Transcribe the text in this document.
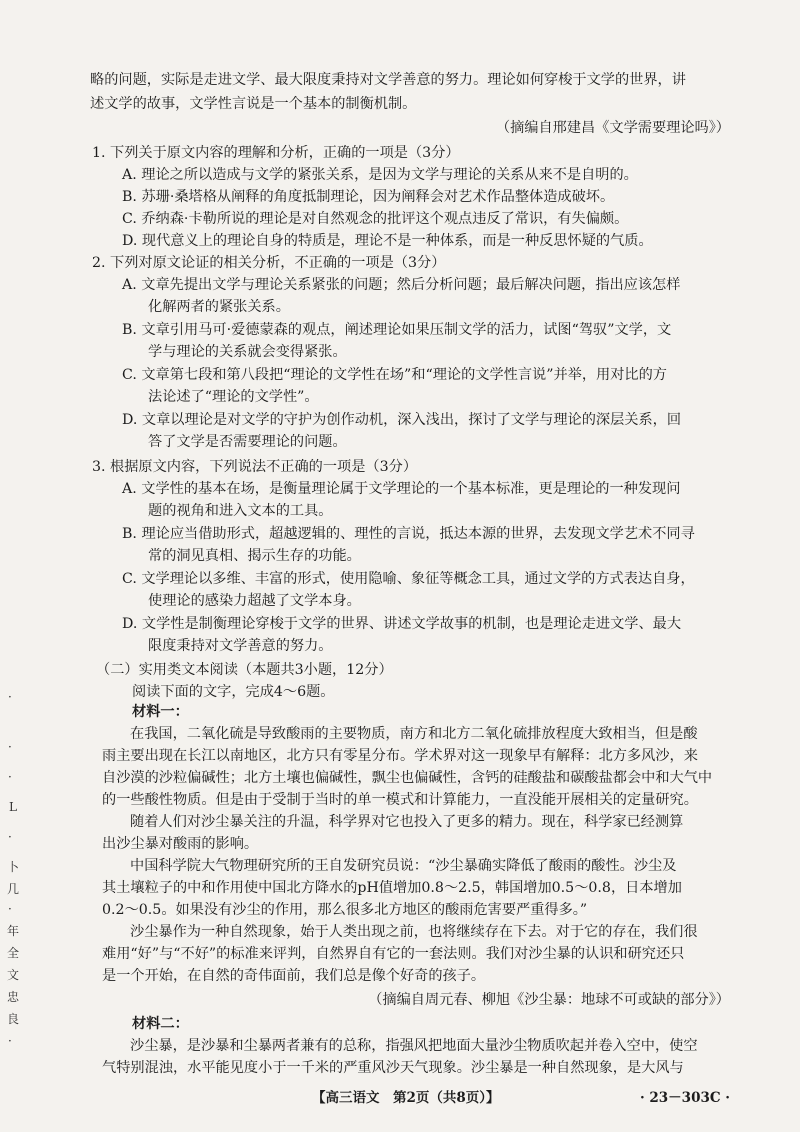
略的问题，实际是走进文学、最大限度秉持对文学善意的努力。理论如何穿梭于文学的世界，讲
述文学的故事，文学性言说是一个基本的制衡机制。
（摘编自邢建昌《文学需要理论吗》）
1. 下列关于原文内容的理解和分析，正确的一项是（3分）
A. 理论之所以造成与文学的紧张关系，是因为文学与理论的关系从来不是自明的。
B. 苏珊·桑塔格从阐释的角度抵制理论，因为阐释会对艺术作品整体造成破坏。
C. 乔纳森·卡勒所说的理论是对自然观念的批评这个观点违反了常识，有失偏颇。
D. 现代意义上的理论自身的特质是，理论不是一种体系，而是一种反思怀疑的气质。
2. 下列对原文论证的相关分析，不正确的一项是（3分）
A. 文章先提出文学与理论关系紧张的问题；然后分析问题；最后解决问题，指出应该怎样
化解两者的紧张关系。
B. 文章引用马可·爱德蒙森的观点，阐述理论如果压制文学的活力，试图“驾驭”文学，文
学与理论的关系就会变得紧张。
C. 文章第七段和第八段把“理论的文学性在场”和“理论的文学性言说”并举，用对比的方
法论述了“理论的文学性”。
D. 文章以理论是对文学的守护为创作动机，深入浅出，探讨了文学与理论的深层关系，回
答了文学是否需要理论的问题。
3. 根据原文内容，下列说法不正确的一项是（3分）
A. 文学性的基本在场，是衡量理论属于文学理论的一个基本标准，更是理论的一种发现问
题的视角和进入文本的工具。
B. 理论应当借助形式，超越逻辑的、理性的言说，抵达本源的世界，去发现文学艺术不同寻
常的洞见真相、揭示生存的功能。
C. 文学理论以多维、丰富的形式，使用隐喻、象征等概念工具，通过文学的方式表达自身，
使理论的感染力超越了文学本身。
D. 文学性是制衡理论穿梭于文学的世界、讲述文学故事的机制，也是理论走进文学、最大
限度秉持对文学善意的努力。
（二）实用类文本阅读（本题共3小题，12分）
阅读下面的文字，完成4～6题。
材料一：
在我国，二氧化硫是导致酸雨的主要物质，南方和北方二氧化硫排放程度大致相当，但是酸
雨主要出现在长江以南地区，北方只有零星分布。学术界对这一现象早有解释：北方多风沙，来
自沙漠的沙粒偏碱性；北方土壤也偏碱性，飘尘也偏碱性，含钙的硅酸盐和碳酸盐都会中和大气中
的一些酸性物质。但是由于受制于当时的单一模式和计算能力，一直没能开展相关的定量研究。
随着人们对沙尘暴关注的升温，科学界对它也投入了更多的精力。现在，科学家已经测算
出沙尘暴对酸雨的影响。
中国科学院大气物理研究所的王自发研究员说：“沙尘暴确实降低了酸雨的酸性。沙尘及
其土壤粒子的中和作用使中国北方降水的pH值增加0.8～2.5，韩国增加0.5～0.8，日本增加
0.2～0.5。如果没有沙尘的作用，那么很多北方地区的酸雨危害要严重得多。”
沙尘暴作为一种自然现象，始于人类出现之前，也将继续存在下去。对于它的存在，我们很
难用“好”与“不好”的标准来评判，自然界自有它的一套法则。我们对沙尘暴的认识和研究还只
是一个开始，在自然的奇伟面前，我们总是像个好奇的孩子。
（摘编自周元春、柳旭《沙尘暴：地球不可或缺的部分》）
材料二：
沙尘暴，是沙暴和尘暴两者兼有的总称，指强风把地面大量沙尘物质吹起并卷入空中，使空
·
·
·
L
·
卜
几
·
年
全
文
忠
良
·
【高三语文　第2页（共8页）】	· 23－303C ·
气特别混浊，水平能见度小于一千米的严重风沙天气现象。沙尘暴是一种自然现象，是大风与
